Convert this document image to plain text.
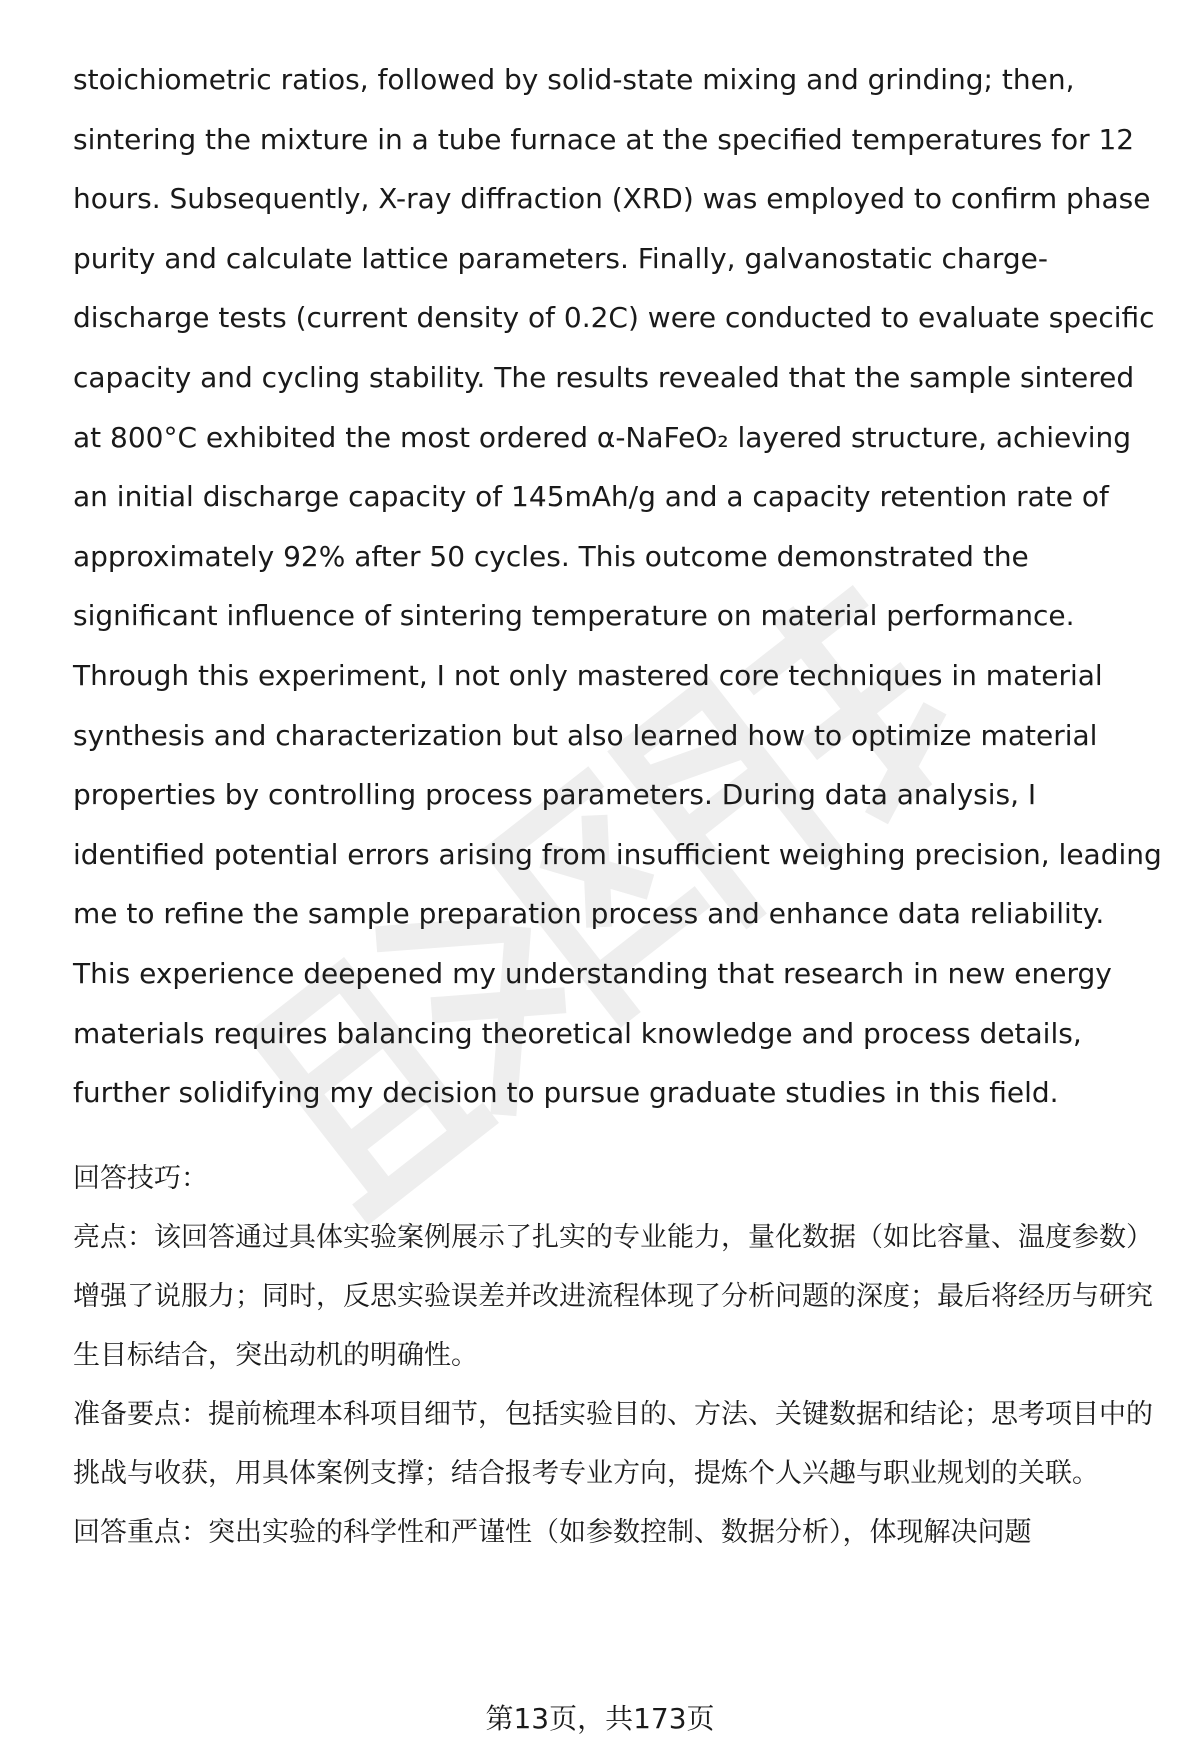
stoichiometric ratios, followed by solid-state mixing and grinding; then, sintering the mixture in a tube furnace at the specified temperatures for 12 hours. Subsequently, X-ray diffraction (XRD) was employed to confirm phase purity and calculate lattice parameters. Finally, galvanostatic charge-discharge tests (current density of 0.2C) were conducted to evaluate specific capacity and cycling stability. The results revealed that the sample sintered at 800°C exhibited the most ordered α-NaFeO₂ layered structure, achieving an initial discharge capacity of 145mAh/g and a capacity retention rate of approximately 92% after 50 cycles. This outcome demonstrated the significant influence of sintering temperature on material performance. Through this experiment, I not only mastered core techniques in material synthesis and characterization but also learned how to optimize material properties by controlling process parameters. During data analysis, I identified potential errors arising from insufficient weighing precision, leading me to refine the sample preparation process and enhance data reliability. This experience deepened my understanding that research in new energy materials requires balancing theoretical knowledge and process details, further solidifying my decision to pursue graduate studies in this field.

回答技巧：

亮点：该回答通过具体实验案例展示了扎实的专业能力，量化数据（如比容量、温度参数）增强了说服力；同时，反思实验误差并改进流程体现了分析问题的深度；最后将经历与研究生目标结合，突出动机的明确性。

准备要点：提前梳理本科项目细节，包括实验目的、方法、关键数据和结论；思考项目中的挑战与收获，用具体案例支撑；结合报考专业方向，提炼个人兴趣与职业规划的关联。

回答重点：突出实验的科学性和严谨性（如参数控制、数据分析），体现解决问题

第13页，共173页
